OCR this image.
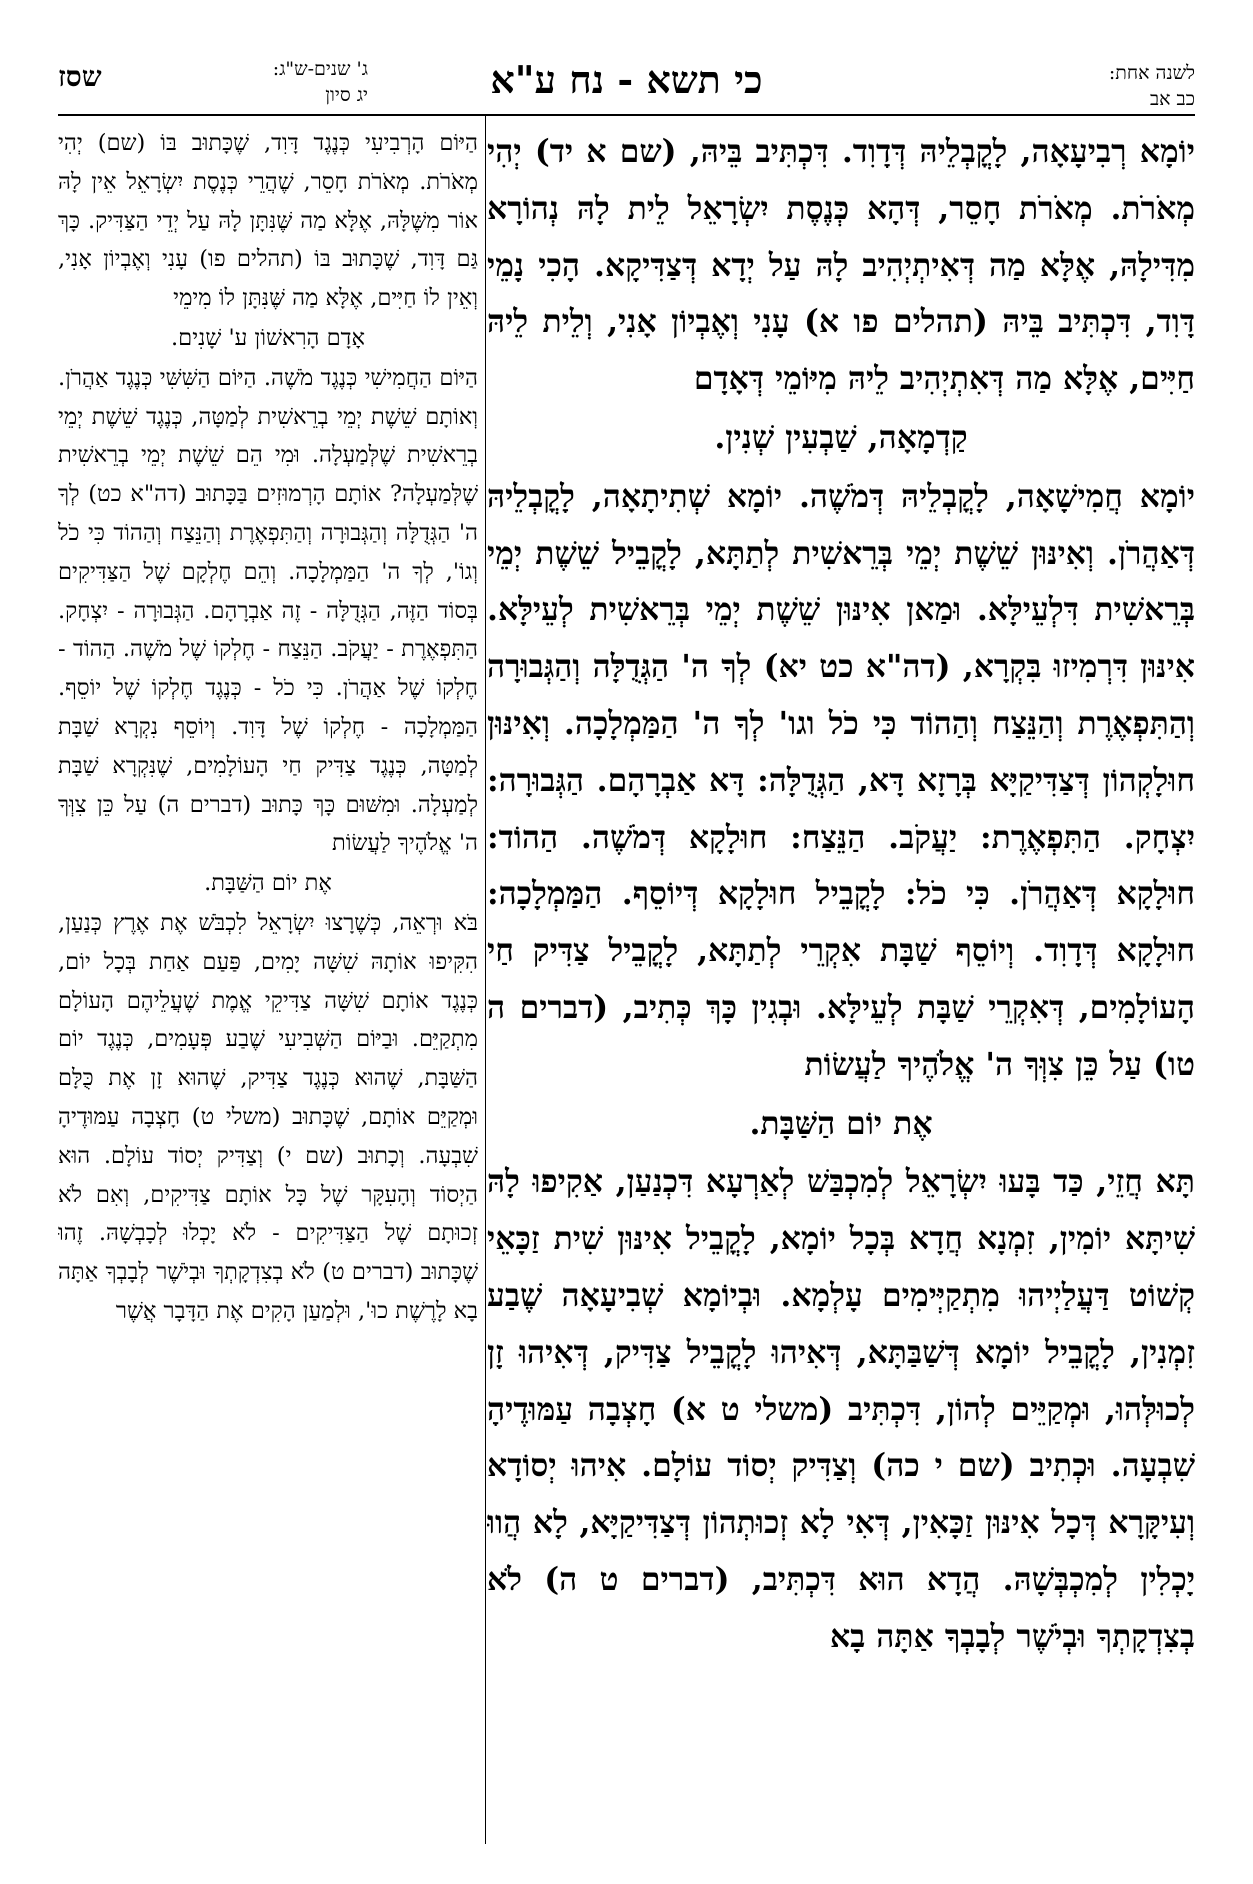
לשנה אחת:
כב אב
כי תשא - נח ע"א
ג' שנים-ש"ג:
יג סיון
שסז

יוֹמָא רְבִיעָאָה, לָקֳבְלֵיהּ דְּדָוִד. דִּכְתִּיב בֵּיהּ, (שם א יד) יְהִי מְאֹרֹת. מְאֹרֹת חָסֵר, דְּהָא כְּנֶסֶת יִשְׂרָאֵל לֵית לָהּ נְהוֹרָא מִדִּילָהּ, אֶלָּא מַה דְּאִיתְיְהִיב לָהּ עַל יְדָא דְּצַדִּיקָא. הָכִי נָמֵי דָּוִד, דִּכְתִּיב בֵּיהּ (תהלים פו א) עָנִי וְאֶבְיוֹן אָנִי, וְלֵית לֵיהּ חַיִּים, אֶלָּא מַה דְּאִתְיְהִיב לֵיהּ מִיּוֹמֵי דְּאָדָם

קַדְמָאָה, שַׁבְעִין שְׁנִין.

יוֹמָא חֲמִישָׁאָה, לָקֳבְלֵיהּ דְּמֹשֶׁה. יוֹמָא שְׁתִיתָאָה, לָקֳבְלֵיהּ דְּאַהֲרֹן. וְאִינּוּן שֵׁשֶׁת יְמֵי בְּרֵאשִׁית לְתַתָּא, לָקֳבֵיל שֵׁשֶׁת יְמֵי בְּרֵאשִׁית דִּלְעֵילָּא. וּמַאן אִינּוּן שֵׁשֶׁת יְמֵי בְּרֵאשִׁית לְעֵילָּא. אִינּוּן דִּרְמִיזוּ בִּקְרָא, (דה"א כט יא) לְךָ ה' הַגְּדֻלָּה וְהַגְּבוּרָה וְהַתִּפְאֶרֶת וְהַנֵּצַח וְהַהוֹד כִּי כֹל וגו' לְךָ ה' הַמַּמְלָכָה. וְאִינּוּן חוּלָקְהוֹן דְּצַדִּיקַיָּא בְּרָזָא דָּא, הַגְּדֻלָּה: דָּא אַבְרָהָם. הַגְּבוּרָה: יִצְחָק. הַתִּפְאֶרֶת: יַעֲקֹב. הַנֵּצַח: חוּלָקָא דְּמֹשֶׁה. הַהוֹד: חוּלָקָא דְּאַהֲרֹן. כִּי כֹל: לָקֳבֵיל חוּלָקָא דְּיוֹסֵף. הַמַּמְלָכָה: חוּלָקָא דְּדָוִד. וְיוֹסֵף שַׁבָּת אִקְרֵי לְתַתָּא, לָקֳבֵיל צַדִּיק חַי הָעוֹלָמִים, דְּאִקְרֵי שַׁבָּת לְעֵילָּא. וּבְגִין כָּךְ כְּתִיב, (דברים ה טו) עַל כֵּן צִוְּךָ ה' אֱלֹהֶיךָ לַעֲשׂוֹת

אֶת יוֹם הַשַּׁבָּת.

תָּא חֲזֵי, כַּד בָּעוּ יִשְׂרָאֵל לְמִכְבַּשׁ לְאַרְעָא דִּכְנַעַן, אַקִיפוּ לָהּ שִׁיתָּא יוֹמִין, זִמְנָא חֲדָא בְּכָל יוֹמָא, לָקֳבֵיל אִינּוּן שִׁית זַכָּאֵי קְשׁוֹט דַּעֲלַיְיהוּ מִתְקַיְּימִים עָלְמָא. וּבְיוֹמָא שְׁבִיעָאָה שֶׁבַע זִמְנִין, לָקֳבֵיל יוֹמָא דְּשַׁבַּתָּא, דְּאִיהוּ לָקֳבֵיל צַדִּיק, דְּאִיהוּ זָן לְכוּלְּהוּ, וּמְקַיֵּים לְהוֹן, דִּכְתִּיב (משלי ט א) חָצְבָה עַמּוּדֶיהָ שִׁבְעָה. וּכְתִיב (שם י כה) וְצַדִּיק יְסוֹד עוֹלָם. אִיהוּ יְסוֹדָא וְעִיקָּרָא דְּכָל אִינּוּן זַכָּאִין, דְּאִי לָא זְכוּתְהוֹן דְּצַדִּיקַיָּא, לָא הֲווּ יָכְלִין לְמִכְבְּשָׁהּ. הֲדָא הוּא דִּכְתִּיב, (דברים ט ה) לֹא בְצִדְקָתְךָ וּבְיֹשֶׁר לְבָבְךָ אַתָּה בָא

הַיּוֹם הָרְבִיעִי כְּנֶגֶד דָּוִד, שֶׁכָּתוּב בּוֹ (שם) יְהִי מְאֹרֹת. מְאֹרֹת חָסֵר, שֶׁהֲרֵי כְּנֶסֶת יִשְׂרָאֵל אֵין לָהּ אוֹר מִשֶּׁלָּהּ, אֶלָּא מַה שֶּׁנִּתָּן לָהּ עַל יְדֵי הַצַּדִּיק. כָּךְ גַּם דָּוִד, שֶׁכָּתוּב בּוֹ (תהלים פו) עָנִי וְאֶבְיוֹן אָנִי, וְאֵין לוֹ חַיִּים, אֶלָּא מַה שֶּׁנִּתָּן לוֹ מִימֵי

אָדָם הָרִאשׁוֹן ע' שָׁנִים.

הַיּוֹם הַחֲמִישִׁי כְּנֶגֶד מֹשֶׁה. הַיּוֹם הַשִּׁשִּׁי כְּנֶגֶד אַהֲרֹן. וְאוֹתָם שֵׁשֶׁת יְמֵי בְרֵאשִׁית לְמַטָּה, כְּנֶגֶד שֵׁשֶׁת יְמֵי בְרֵאשִׁית שֶׁלְּמַעְלָה. וּמִי הֵם שֵׁשֶׁת יְמֵי בְרֵאשִׁית שֶׁלְּמַעְלָה? אוֹתָם הָרְמוּזִים בַּכָּתוּב (דה"א כט) לְךָ ה' הַגְּדֻלָּה וְהַגְּבוּרָה וְהַתִּפְאֶרֶת וְהַנֵּצַח וְהַהוֹד כִּי כֹל וְגוֹ', לְךָ ה' הַמַּמְלָכָה. וְהֵם חֶלְקָם שֶׁל הַצַּדִּיקִים בְּסוֹד הַזֶּה, הַגְּדֻלָּה - זֶה אַבְרָהָם. הַגְּבוּרָה - יִצְחָק. הַתִּפְאֶרֶת - יַעֲקֹב. הַנֵּצַח - חֶלְקוֹ שֶׁל מֹשֶׁה. הַהוֹד - חֶלְקוֹ שֶׁל אַהֲרֹן. כִּי כֹל - כְּנֶגֶד חֶלְקוֹ שֶׁל יוֹסֵף. הַמַּמְלָכָה - חֶלְקוֹ שֶׁל דָּוִד. וְיוֹסֵף נִקְרָא שַׁבָּת לְמַטָּה, כְּנֶגֶד צַדִּיק חַי הָעוֹלָמִים, שֶׁנִּקְרָא שַׁבָּת לְמַעְלָה. וּמִשּׁוּם כָּךְ כָּתוּב (דברים ה) עַל כֵּן צִוְּךָ ה' אֱלֹהֶיךָ לַעֲשׂוֹת

אֶת יוֹם הַשַּׁבָּת.

בֹּא וּרְאֵה, כְּשֶׁרָצוּ יִשְׂרָאֵל לִכְבֹּשׁ אֶת אֶרֶץ כְּנַעַן, הִקִּיפוּ אוֹתָהּ שִׁשָּׁה יָמִים, פַּעַם אַחַת בְּכָל יוֹם, כְּנֶגֶד אוֹתָם שִׁשָּׁה צַדִּיקֵי אֱמֶת שֶׁעֲלֵיהֶם הָעוֹלָם מִתְקַיֵּם. וּבַיּוֹם הַשְּׁבִיעִי שֶׁבַע פְּעָמִים, כְּנֶגֶד יוֹם הַשַּׁבָּת, שֶׁהוּא כְּנֶגֶד צַדִּיק, שֶׁהוּא זָן אֶת כֻּלָּם וּמְקַיֵּם אוֹתָם, שֶׁכָּתוּב (משלי ט) חָצְבָה עַמּוּדֶיהָ שִׁבְעָה. וְכָתוּב (שם י) וְצַדִּיק יְסוֹד עוֹלָם. הוּא הַיְסוֹד וְהָעִקָּר שֶׁל כָּל אוֹתָם צַדִּיקִים, וְאִם לֹא זְכוּתָם שֶׁל הַצַּדִּיקִים - לֹא יָכְלוּ לְכָבְשָׁהּ. זֶהוּ שֶׁכָּתוּב (דברים ט) לֹא בְצִדְקָתְךָ וּבְיֹשֶׁר לְבָבְךָ אַתָּה בָא לָרֶשֶׁת כוּ', וּלְמַעַן הָקִים אֶת הַדָּבָר אֲשֶׁר
